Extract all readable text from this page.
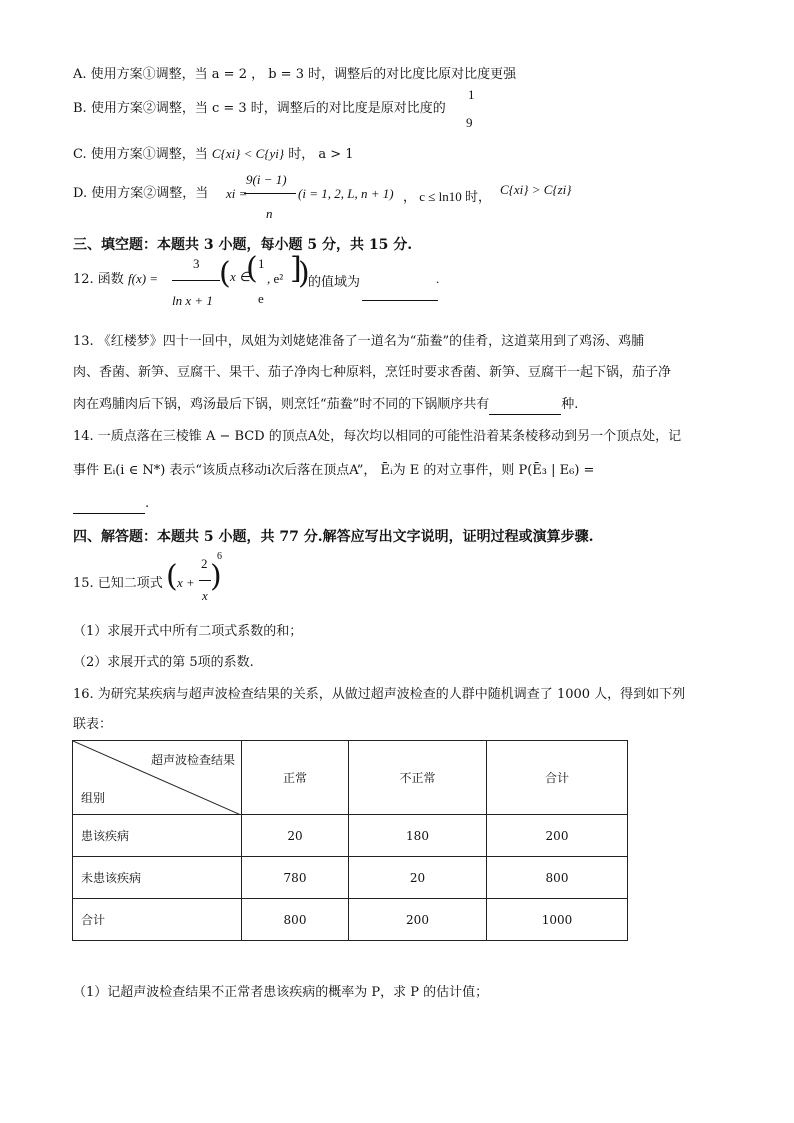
A. 使用方案①调整，当 a = 2 ， b = 3 时，调整后的对比度比原对比度更强
B. 使用方案②调整，当 c = 3 时，调整后的对比度是原对比度的
1
9
C. 使用方案①调整，当 C{xi} < C{yi} 时， a > 1
D. 使用方案②调整，当 xi =
9(i − 1)
n
(i = 1, 2, L, n + 1) ， c ≤ ln10 时， C{xi} > C{zi}
三、填空题：本题共 3 小题，每小题 5 分，共 15 分.
12. 函数 f(x) =
3
ln x + 1
( x ∈
( 1
e
, e² ]
)
的值域为	.
13. 《红楼梦》四十一回中，凤姐为刘姥姥准备了一道名为“茄鲞”的佳肴，这道菜用到了鸡汤、鸡脯
肉、香菌、新笋、豆腐干、果干、茄子净肉七种原料，烹饪时要求香菌、新笋、豆腐干一起下锅，茄子净
肉在鸡脯肉后下锅，鸡汤最后下锅，则烹饪“茄鲞”时不同的下锅顺序共有	种.
14. 一质点落在三棱锥 A − BCD 的顶点A处，每次均以相同的可能性沿着某条棱移动到另一个顶点处，记
事件 Eᵢ(i ∈ N*) 表示“该质点移动i次后落在顶点A”， Ēᵢ为 E 的对立事件，则 P(Ē₃ | E₆) =
.
四、解答题：本题共 5 小题，共 77 分.解答应写出文字说明，证明过程或演算步骤.
15. 已知二项式 ( x +
2
x
)
6
（1）求展开式中所有二项式系数的和；
（2）求展开式的第 5项的系数.
16. 为研究某疾病与超声波检查结果的关系，从做过超声波检查的人群中随机调查了 1000 人，得到如下列
联表：
超声波检查结果
组别	正常	不正常	合计
患该疾病	20	180	200
未患该疾病	780	20	800
合计	800	200	1000
（1）记超声波检查结果不正常者患该疾病的概率为 P，求 P 的估计值；
